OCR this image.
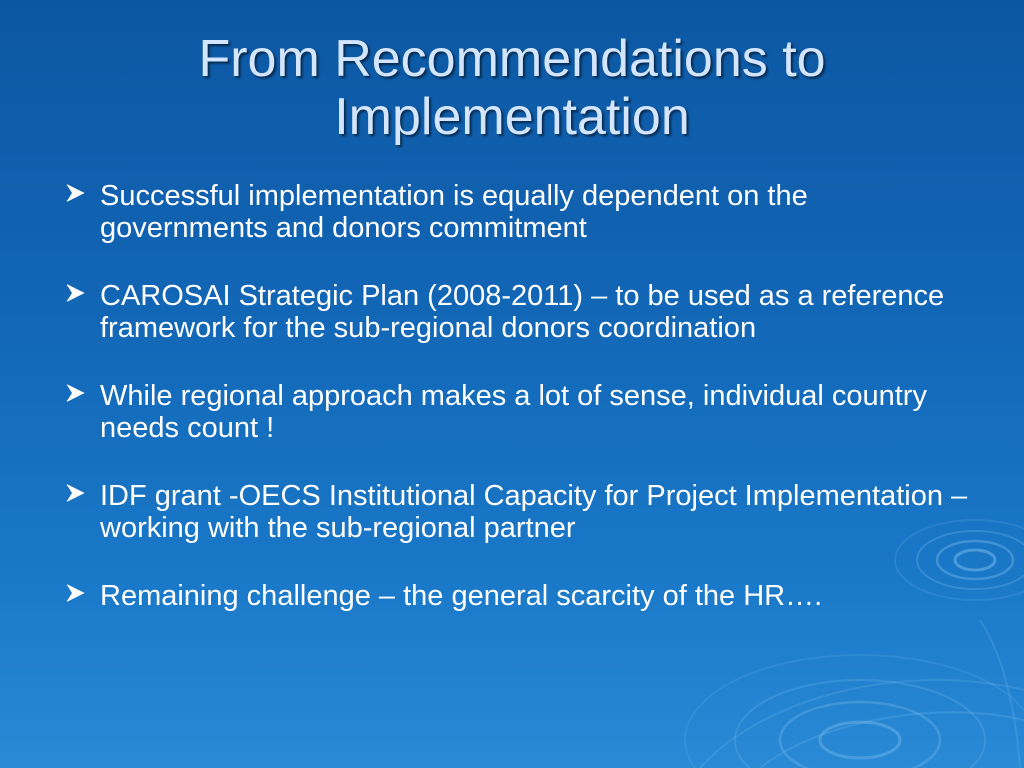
From Recommendations to Implementation
Successful implementation is equally dependent on the governments and donors commitment
CAROSAI Strategic Plan (2008-2011) – to be used as a reference framework for the sub-regional donors coordination
While regional approach makes a lot of sense, individual country needs count !
IDF grant -OECS Institutional Capacity for Project Implementation – working with the sub-regional partner
Remaining challenge – the general scarcity of the HR….
